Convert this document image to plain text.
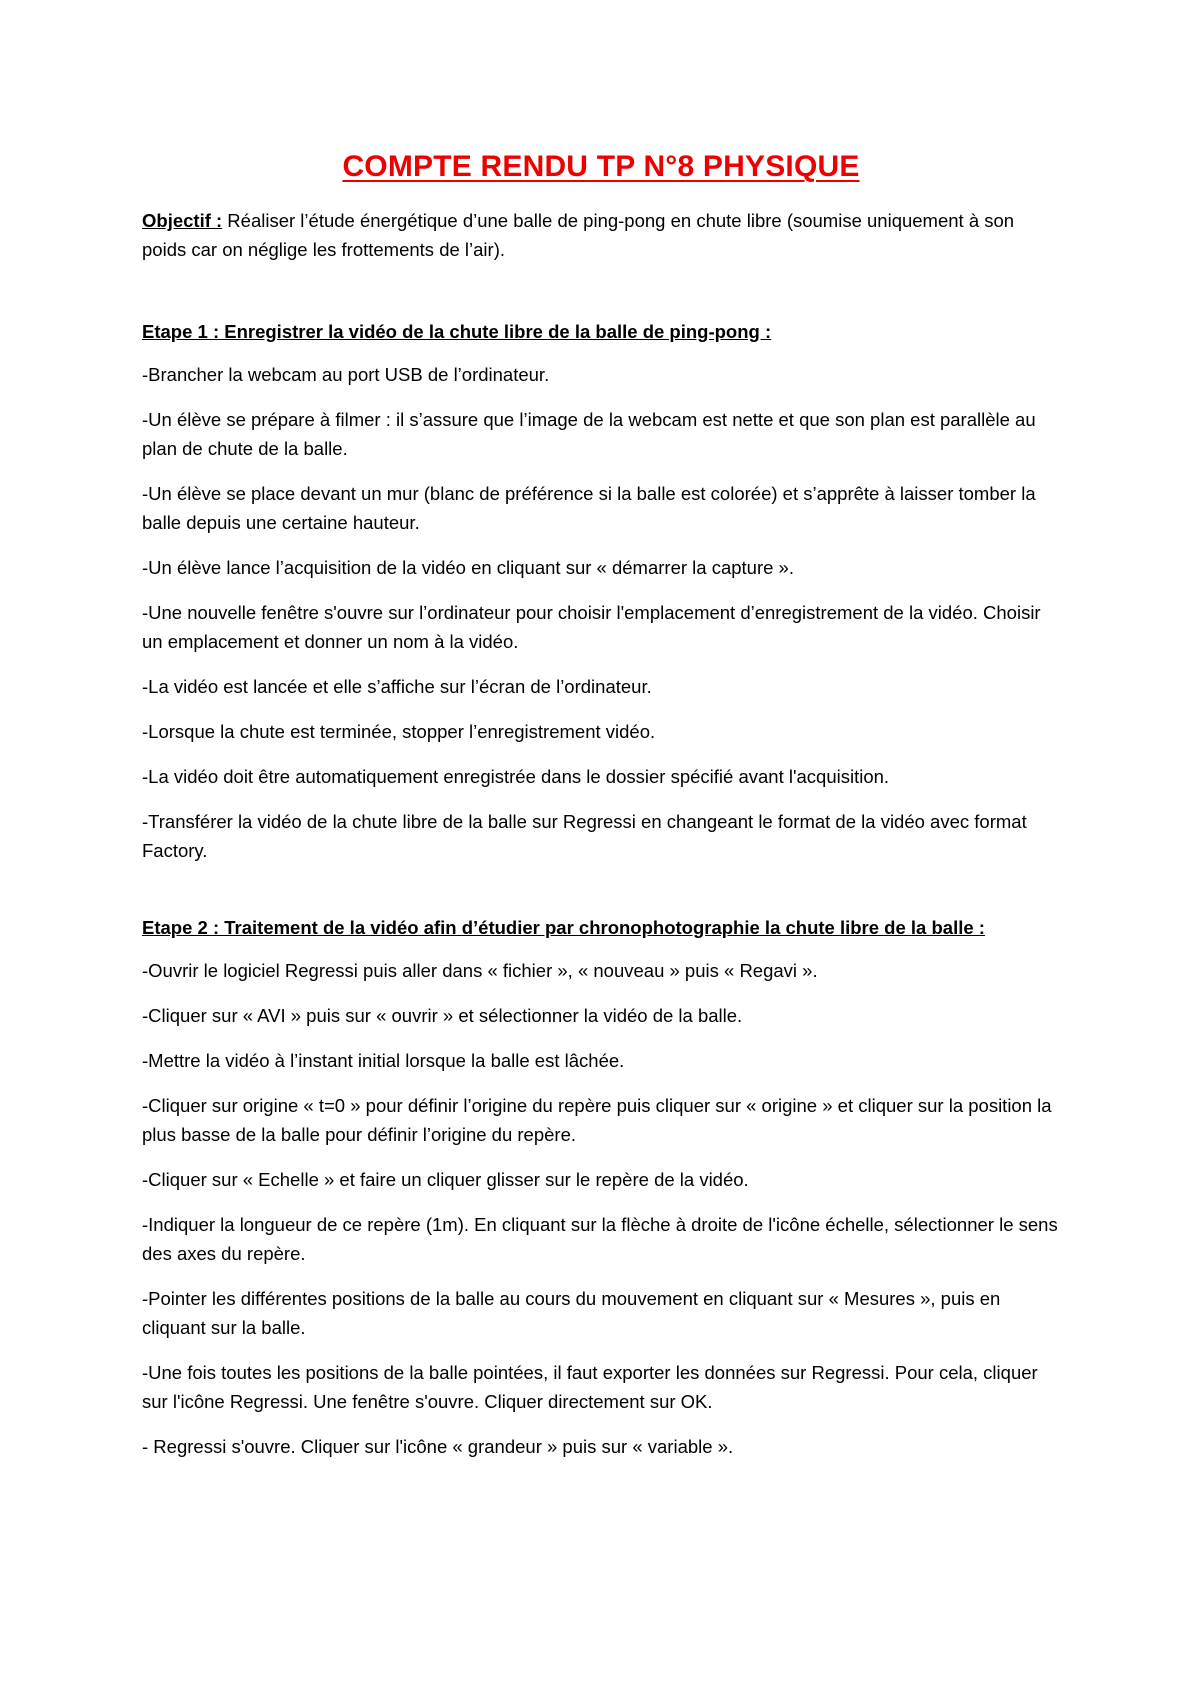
COMPTE RENDU TP N°8 PHYSIQUE

Objectif : Réaliser l’étude énergétique d’une balle de ping-pong en chute libre (soumise uniquement à son poids car on néglige les frottements de l’air).

Etape 1 : Enregistrer la vidéo de la chute libre de la balle de ping-pong :

-Brancher la webcam au port USB de l’ordinateur.

-Un élève se prépare à filmer : il s’assure que l’image de la webcam est nette et que son plan est parallèle au plan de chute de la balle.

-Un élève se place devant un mur (blanc de préférence si la balle est colorée) et s’apprête à laisser tomber la balle depuis une certaine hauteur.

-Un élève lance l’acquisition de la vidéo en cliquant sur « démarrer la capture ».

-Une nouvelle fenêtre s'ouvre sur l’ordinateur pour choisir l'emplacement d’enregistrement de la vidéo. Choisir un emplacement et donner un nom à la vidéo.

-La vidéo est lancée et elle s’affiche sur l’écran de l’ordinateur.

-Lorsque la chute est terminée, stopper l’enregistrement vidéo.

-La vidéo doit être automatiquement enregistrée dans le dossier spécifié avant l'acquisition.

-Transférer la vidéo de la chute libre de la balle sur Regressi en changeant le format de la vidéo avec format Factory.

Etape 2 : Traitement de la vidéo afin d’étudier par chronophotographie la chute libre de la balle :

-Ouvrir le logiciel Regressi puis aller dans « fichier », « nouveau » puis « Regavi ».

-Cliquer sur « AVI » puis sur « ouvrir » et sélectionner la vidéo de la balle.

-Mettre la vidéo à l’instant initial lorsque la balle est lâchée.

-Cliquer sur origine « t=0 » pour définir l’origine du repère puis cliquer sur « origine » et cliquer sur la position la plus basse de la balle pour définir l’origine du repère.

-Cliquer sur « Echelle » et faire un cliquer glisser sur le repère de la vidéo.

-Indiquer la longueur de ce repère (1m). En cliquant sur la flèche à droite de l'icône échelle, sélectionner le sens des axes du repère.

-Pointer les différentes positions de la balle au cours du mouvement en cliquant sur « Mesures », puis en cliquant sur la balle.

-Une fois toutes les positions de la balle pointées, il faut exporter les données sur Regressi. Pour cela, cliquer sur l'icône Regressi. Une fenêtre s'ouvre. Cliquer directement sur OK.

- Regressi s'ouvre. Cliquer sur l'icône « grandeur » puis sur « variable ».
